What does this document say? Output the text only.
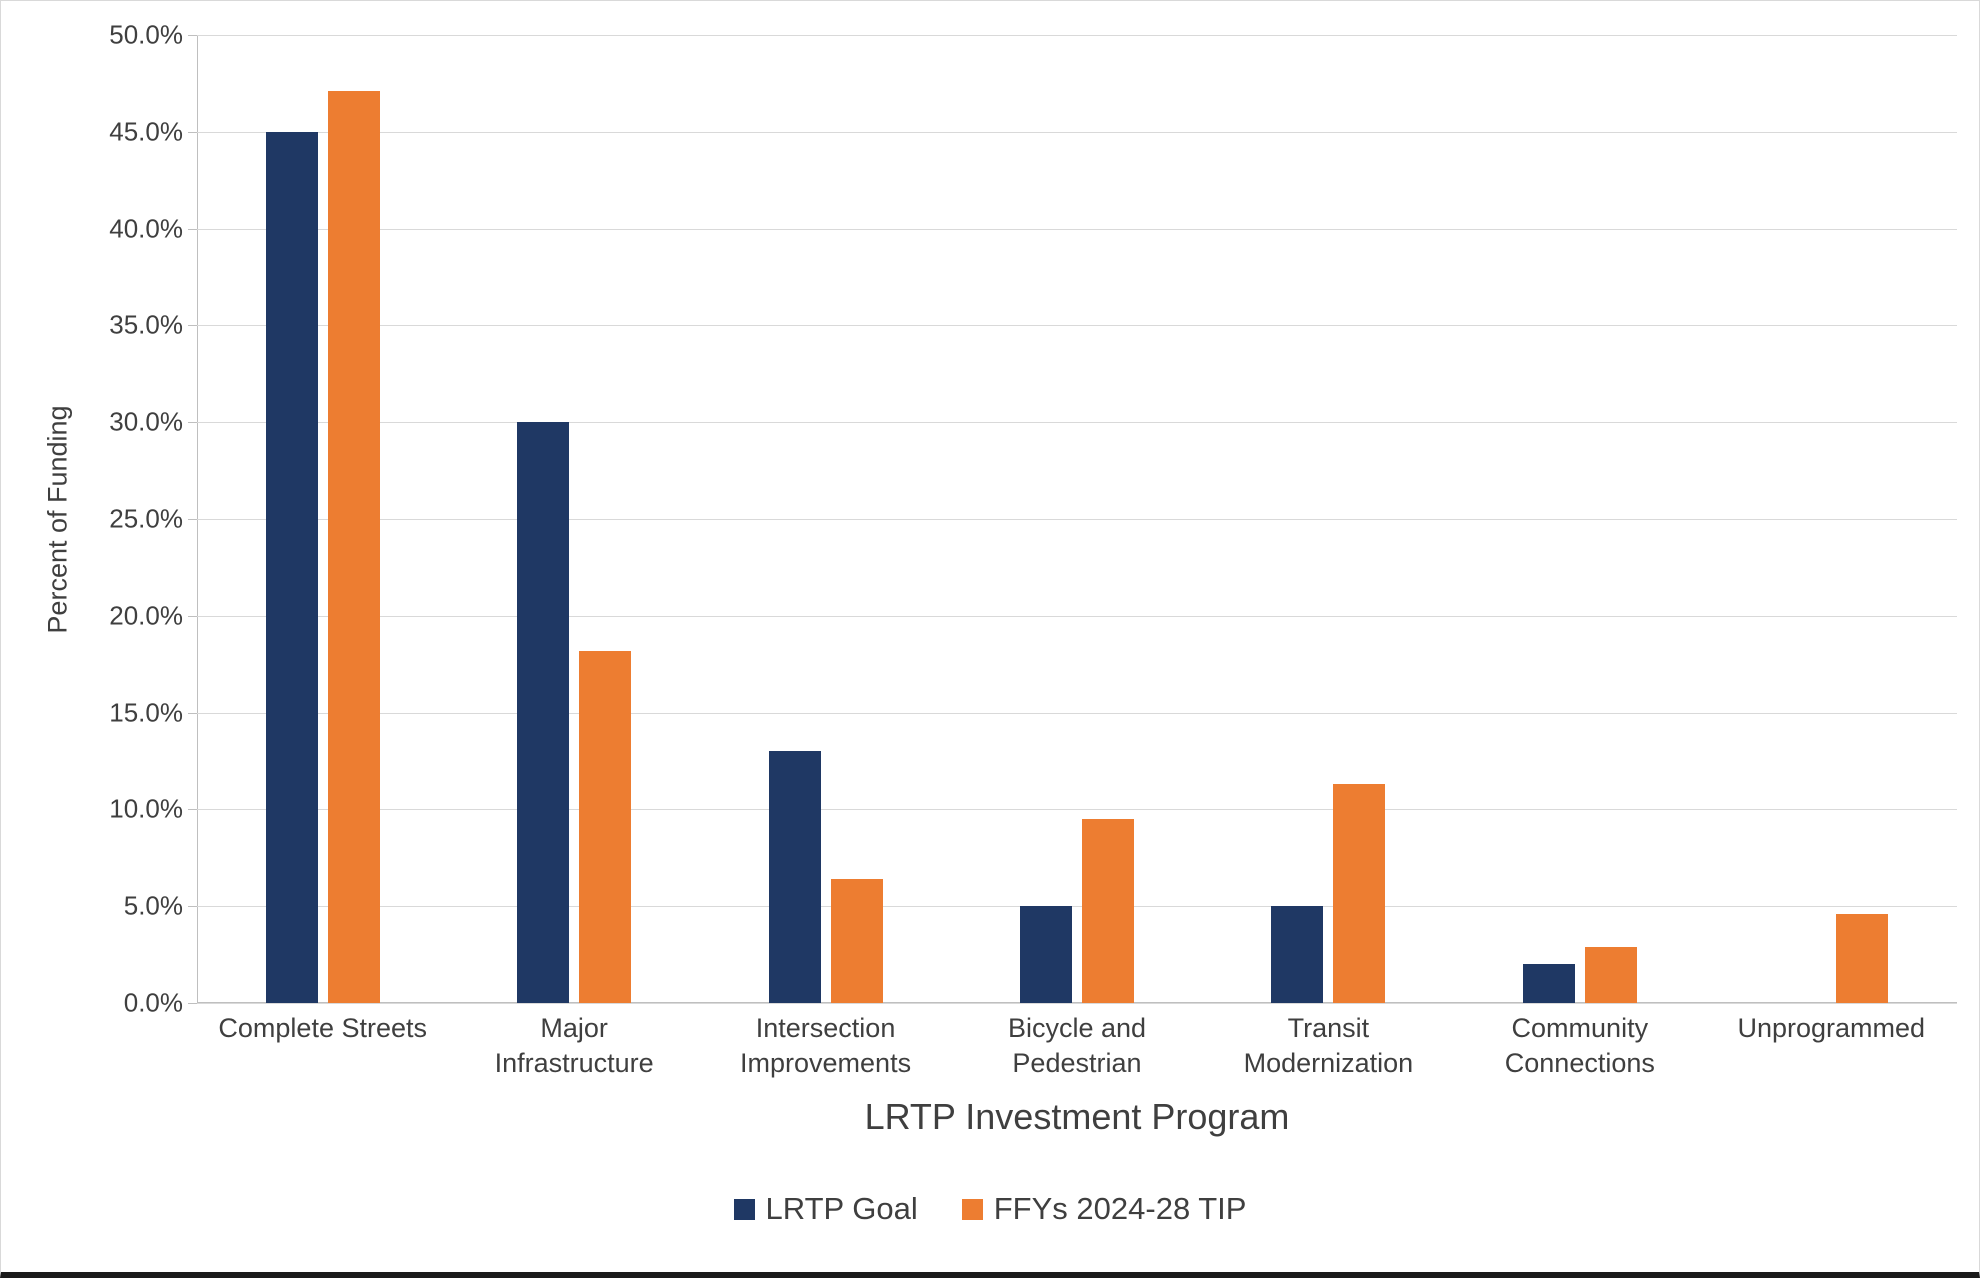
Percent of Funding
0.0%
5.0%
10.0%
15.0%
20.0%
25.0%
30.0%
35.0%
40.0%
45.0%
50.0%
Complete Streets	Major
Infrastructure
Intersection
Improvements
Bicycle and
Pedestrian
Transit
Modernization
Community
Connections
Unprogrammed
LRTP Investment Program
LRTP Goal FFYs 2024-28 TIP
